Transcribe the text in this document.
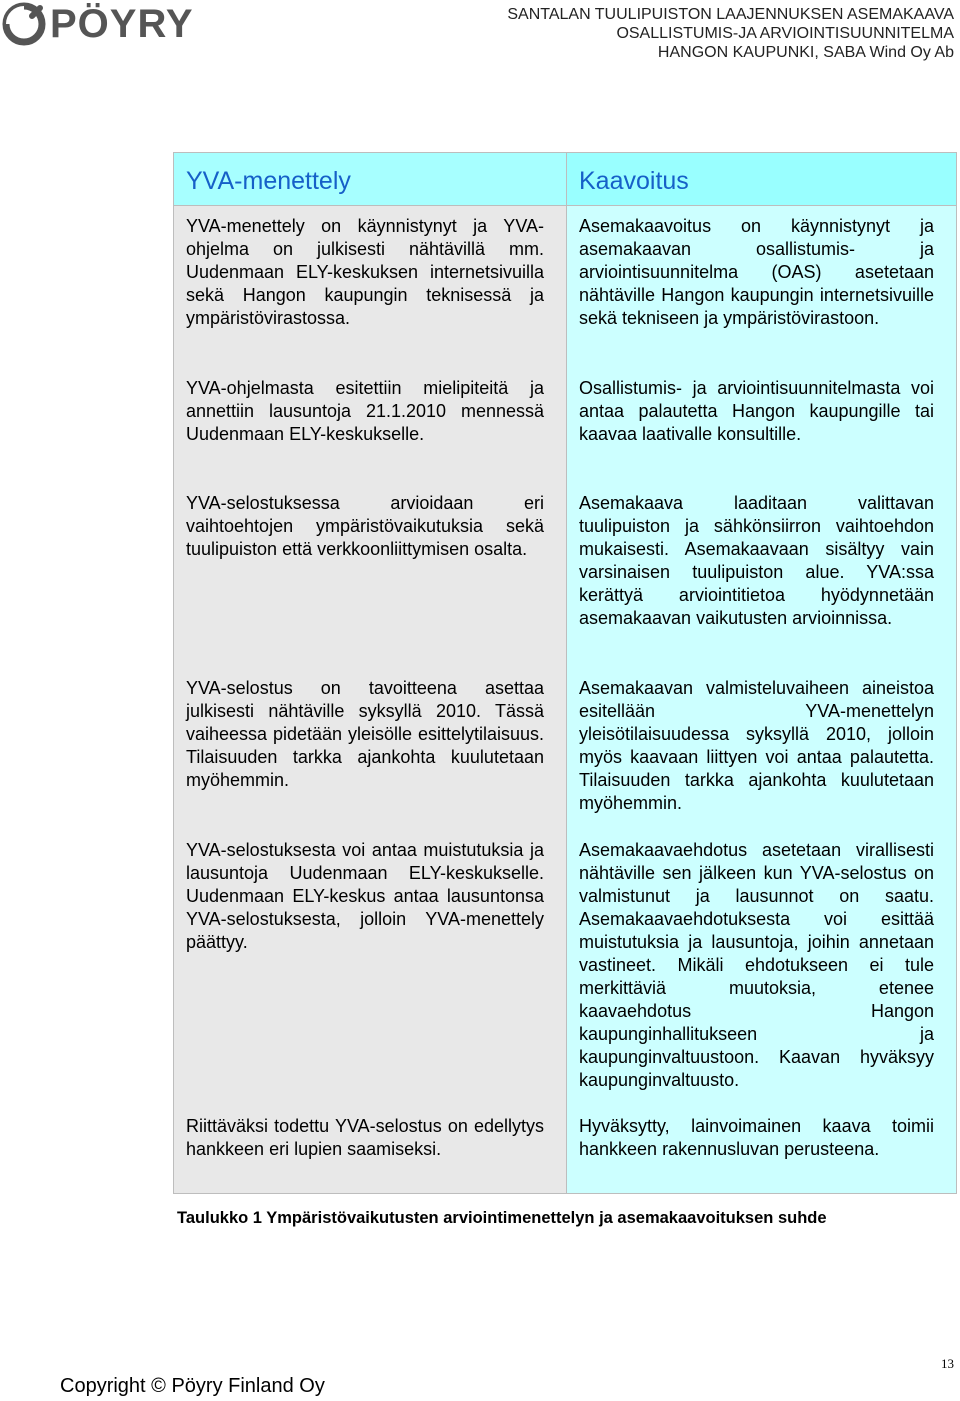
PÖYRY	SANTALAN TUULIPUISTON LAAJENNUKSEN ASEMAKAAVA
OSALLISTUMIS-JA ARVIOINTISUUNNITELMA
HANGON KAUPUNKI, SABA Wind Oy Ab
YVA-menettely
YVA-menettely on käynnistynyt ja YVA-ohjelma on julkisesti nähtävillä mm. Uudenmaan ELY-keskuksen internetsivuilla sekä Hangon kaupungin teknisessä ja ympäristövirastossa.
YVA-ohjelmasta esitettiin mielipiteitä ja annettiin lausuntoja 21.1.2010 mennessä Uudenmaan ELY-keskukselle.
YVA-selostuksessa arvioidaan eri vaihtoehtojen ympäristövaikutuksia sekä tuulipuiston että verkkoonliittymisen osalta.
YVA-selostus on tavoitteena asettaa julkisesti nähtäville syksyllä 2010. Tässä vaiheessa pidetään yleisölle esittelytilaisuus. Tilaisuuden tarkka ajankohta kuulutetaan myöhemmin.
YVA-selostuksesta voi antaa muistutuksia ja lausuntoja Uudenmaan ELY-keskukselle. Uudenmaan ELY-keskus antaa lausuntonsa YVA-selostuksesta, jolloin YVA-menettely päättyy.
Riittäväksi todettu YVA-selostus on edellytys hankkeen eri lupien saamiseksi.
Kaavoitus
Asemakaavoitus on käynnistynyt ja asemakaavan osallistumis- ja arviointisuunnitelma (OAS) asetetaan nähtäville Hangon kaupungin internetsivuille sekä tekniseen ja ympäristövirastoon.
Osallistumis- ja arviointisuunnitelmasta voi antaa palautetta Hangon kaupungille tai kaavaa laativalle konsultille.
Asemakaava laaditaan valittavan tuulipuiston ja sähkönsiirron vaihtoehdon mukaisesti. Asemakaavaan sisältyy vain varsinaisen tuulipuiston alue. YVA:ssa kerättyä arviointitietoa hyödynnetään asemakaavan vaikutusten arvioinnissa.
Asemakaavan valmisteluvaiheen aineistoa esitellään YVA-menettelyn yleisötilaisuudessa syksyllä 2010, jolloin myös kaavaan liittyen voi antaa palautetta. Tilaisuuden tarkka ajankohta kuulutetaan myöhemmin.
Asemakaavaehdotus asetetaan virallisesti nähtäville sen jälkeen kun YVA-selostus on valmistunut ja lausunnot on saatu. Asemakaavaehdotuksesta voi esittää muistutuksia ja lausuntoja, joihin annetaan vastineet. Mikäli ehdotukseen ei tule merkittäviä muutoksia, etenee kaavaehdotus Hangon kaupunginhallitukseen ja kaupunginvaltuustoon. Kaavan hyväksyy kaupunginvaltuusto.
Hyväksytty, lainvoimainen kaava toimii hankkeen rakennusluvan perusteena.
Taulukko 1 Ympäristövaikutusten arviointimenettelyn ja asemakaavoituksen suhde
Copyright © Pöyry Finland Oy
13
